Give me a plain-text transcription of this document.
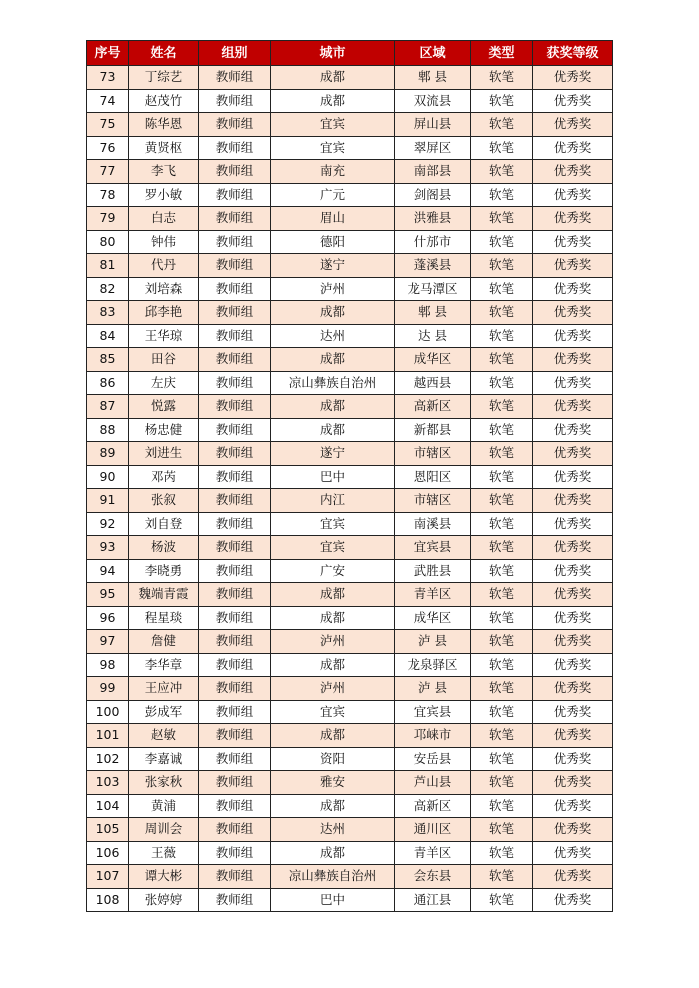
序号	姓名	组别	城市	区域	类型	获奖等级
73	丁综艺	教师组	成都	郫 县	软笔	优秀奖
74	赵茂竹	教师组	成都	双流县	软笔	优秀奖
75	陈华恩	教师组	宜宾	屏山县	软笔	优秀奖
76	黄贤枢	教师组	宜宾	翠屏区	软笔	优秀奖
77	李飞	教师组	南充	南部县	软笔	优秀奖
78	罗小敏	教师组	广元	剑阁县	软笔	优秀奖
79	白志	教师组	眉山	洪雅县	软笔	优秀奖
80	钟伟	教师组	德阳	什邡市	软笔	优秀奖
81	代丹	教师组	遂宁	蓬溪县	软笔	优秀奖
82	刘培森	教师组	泸州	龙马潭区	软笔	优秀奖
83	邱李艳	教师组	成都	郫 县	软笔	优秀奖
84	王华琼	教师组	达州	达 县	软笔	优秀奖
85	田谷	教师组	成都	成华区	软笔	优秀奖
86	左庆	教师组	凉山彝族自治州	越西县	软笔	优秀奖
87	悦露	教师组	成都	高新区	软笔	优秀奖
88	杨忠健	教师组	成都	新都县	软笔	优秀奖
89	刘进生	教师组	遂宁	市辖区	软笔	优秀奖
90	邓芮	教师组	巴中	恩阳区	软笔	优秀奖
91	张叙	教师组	内江	市辖区	软笔	优秀奖
92	刘自登	教师组	宜宾	南溪县	软笔	优秀奖
93	杨波	教师组	宜宾	宜宾县	软笔	优秀奖
94	李晓勇	教师组	广安	武胜县	软笔	优秀奖
95	魏端青霞	教师组	成都	青羊区	软笔	优秀奖
96	程星琰	教师组	成都	成华区	软笔	优秀奖
97	詹健	教师组	泸州	泸 县	软笔	优秀奖
98	李华章	教师组	成都	龙泉驿区	软笔	优秀奖
99	王应冲	教师组	泸州	泸 县	软笔	优秀奖
100	彭成军	教师组	宜宾	宜宾县	软笔	优秀奖
101	赵敏	教师组	成都	邛崃市	软笔	优秀奖
102	李嘉诚	教师组	资阳	安岳县	软笔	优秀奖
103	张家秋	教师组	雅安	芦山县	软笔	优秀奖
104	黄浦	教师组	成都	高新区	软笔	优秀奖
105	周训会	教师组	达州	通川区	软笔	优秀奖
106	王薇	教师组	成都	青羊区	软笔	优秀奖
107	谭大彬	教师组	凉山彝族自治州	会东县	软笔	优秀奖
108	张婷婷	教师组	巴中	通江县	软笔	优秀奖
